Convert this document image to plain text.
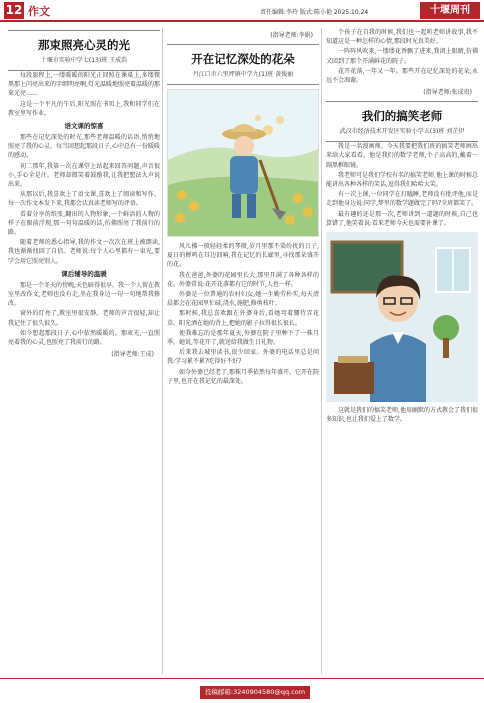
12 作文	责任编辑:李玲 版式:陈小艳 2025.10.24	十堰周刊
那束照亮心灵的光
十堰市实验中学七(13)班 王成浩

每段旅程上,一缕暖暖的阳光正回照在课桌上,多缕微黑那上闪亮出来的字细明亮啊,灯光温暖地照亮着温暖的那束光亮……

这是一个平凡的午后,阳光照在书页上,我和同学们在教室里写作业。

语文课的惊喜

那些在记忆深处的时光,那些老师温暖的话语,悄悄地照亮了我的心灵。每当回想起那段日子,心中总有一份暖暖的感动。

初二那年,我第一次在课堂上站起来回答问题,声音很小,手心全是汗。老师却微笑着鼓励我,让我把想法大声说出来。

从那以后,我喜欢上了语文课,喜欢上了阅读和写作。每一次作文本发下来,我都会认真读老师写的评语。

看着分享的纸张,翻出的人物形象,一个鲜活的人物的样子在眼前浮现,那一句句温暖的话,仿佛照亮了我前行的路。

随着老师的悉心指导,我的作文一次次在班上被朗读,我也渐渐找回了自信。老师说:每个人心里都有一束光,要学会用它照亮别人。

课后辅导的温暖

那是一个冬天的傍晚,天色暗得很早。我一个人留在教室里改作文,老师也没有走,坐在我身边一句一句地帮我修改。

窗外的灯亮了,教室里很安静。老师的声音很轻,却让我记住了很久很久。

如今想起那段日子,心中依然暖暖的。那束光,一直照亮着我的心灵,也照亮了我前行的路。

(指导老师:王成)
(指导老师:李娟)
开在记忆深处的花朵
丹江口市六里坪镇中学九(1)班 黄俊丽

风儿拂一般轻轻柔的琴般,岁月里那不染纷扰的日子,夏日的蝉鸣在耳边回响,我在记忆的长廊里,寻找那朵盛开的花。

我在爸爸,外婆的花园里长大,那里开满了各种各样的花。外婆常说:花开花落都有它的时节,人也一样。

外婆是一位普通的农村妇女,她一生勤劳朴实,每天清晨都会在花园里忙碌,浇水,施肥,修剪枝叶。

那时候,我总喜欢跟在外婆身后,看她弯着腰侍弄花草。阳光洒在她的背上,把她的影子拉得很长很长。

使我难忘的是那年夏天,外婆在院子里种下了一株月季。她说,等花开了,就送给我做生日礼物。

后来我去城里读书,很少回家。外婆的电话里总是问我:学习累不累?吃得好不好?

如今外婆已经老了,那株月季依然每年盛开。它开在院子里,也开在我记忆的最深处。

个孩子在自我的时候,我们也一起听老师讲故事,我不知道这是一种怎样的心情,那段时光真美好。

一阵阵风吹来,一缕缕花香飘了进来,我闭上眼睛,仿佛又回到了那个开满鲜花的院子。

花开花落,一年又一年。那些开在记忆深处的花朵,永远不会凋谢。

(指导老师:张成贵)
我们的搞笑老师
武汉市经济技术开发区实验小学五(3)班 刘芷伊

我是一名漫画师。今天我要把我们班的搞笑老师画出来给大家看看。他是我们的数学老师,个子高高的,戴着一副黑框眼镜。

我老师可是我们学校有名的搞笑老师,他上课的时候总能讲出各种各样的笑话,逗得我们哈哈大笑。

有一次上课,一位同学在打瞌睡,老师没有批评他,而是走到他身边说:同学,梦里的数学题做完了吗?全班都笑了。

最有趣的还是那一次,老师讲到一道题的时候,自己也算错了,他笑着说:看来老师今天也需要补课了。

这就是我们的搞笑老师,他用幽默的方式教会了我们很多知识,也让我们爱上了数学。

投稿邮箱:3240904580@qq.com
